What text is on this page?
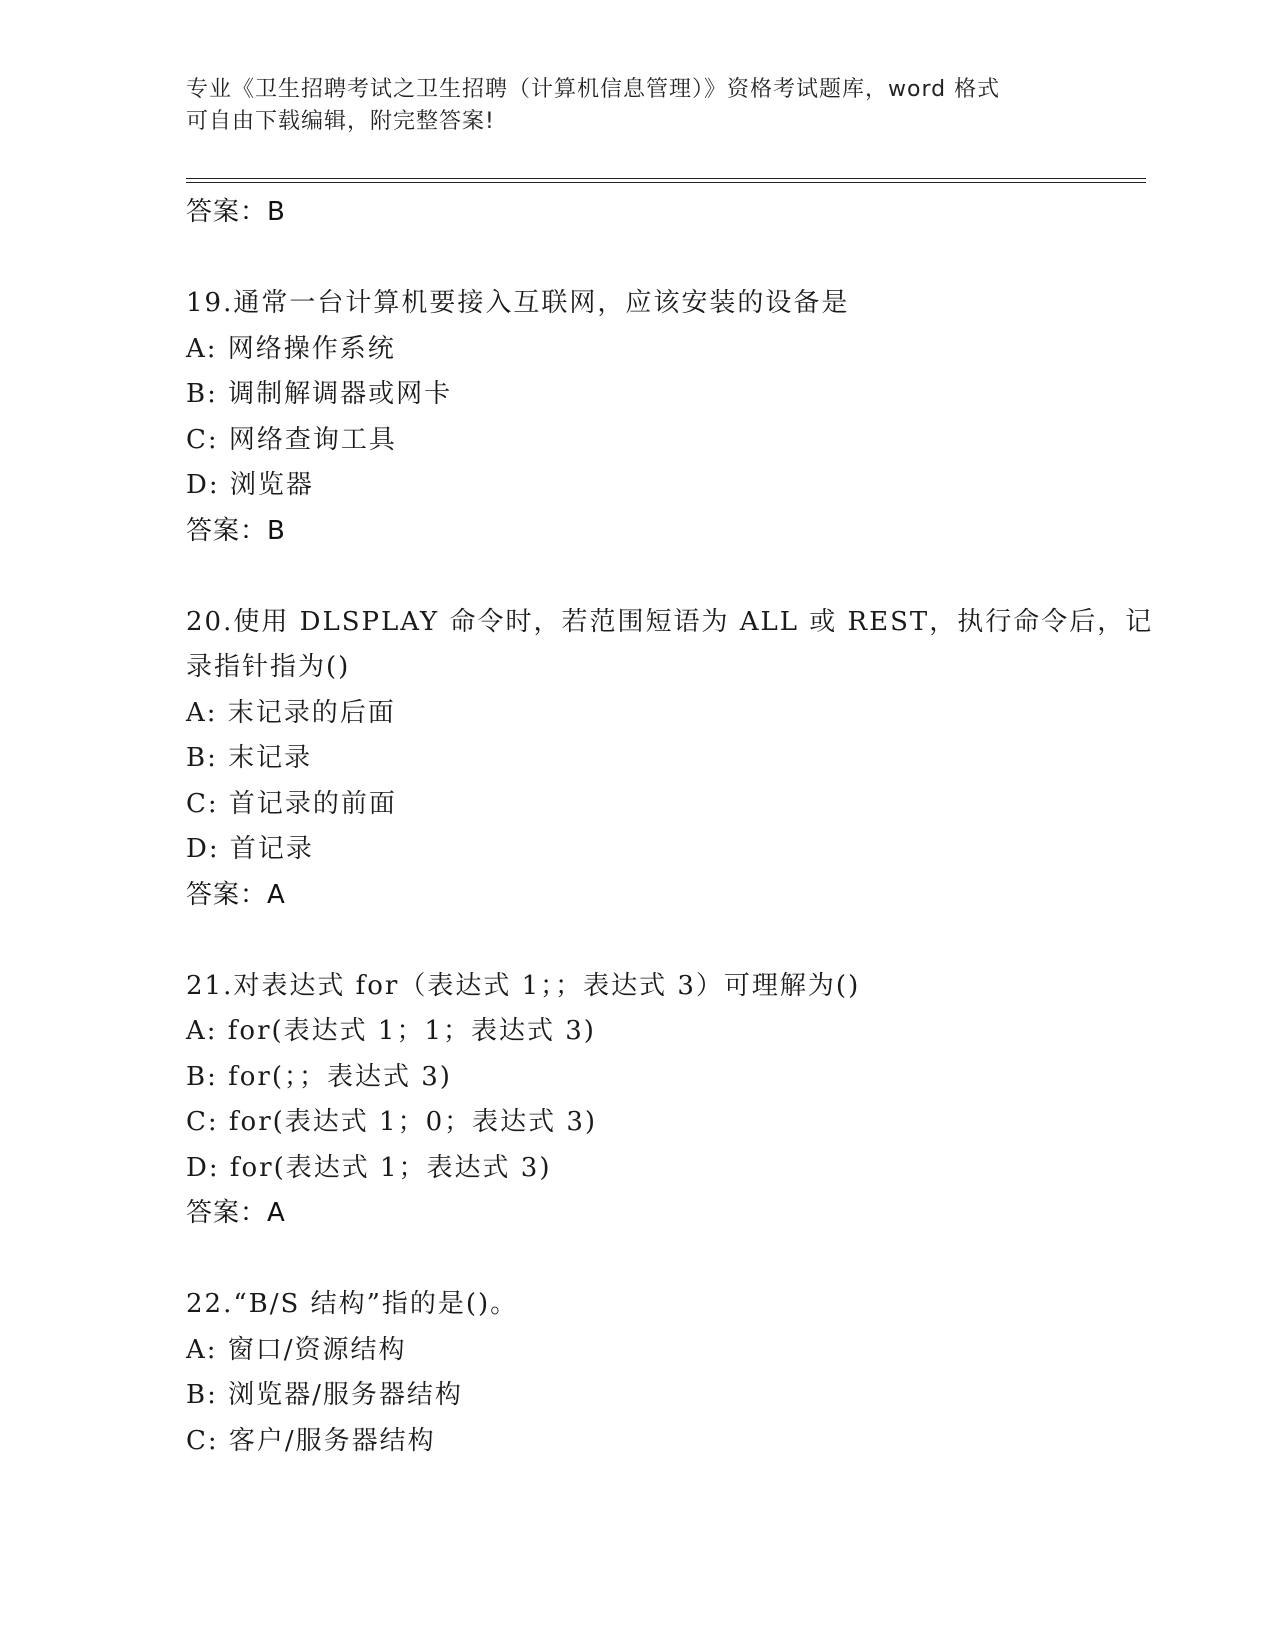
专业《卫生招聘考试之卫生招聘（计算机信息管理）》资格考试题库，word 格式
可自由下载编辑，附完整答案!
答案：B
19.通常一台计算机要接入互联网，应该安装的设备是
A: 网络操作系统
B: 调制解调器或网卡
C: 网络查询工具
D: 浏览器
答案：B
20.使用 DLSPLAY 命令时，若范围短语为 ALL 或 REST，执行命令后，记
录指针指为()
A: 末记录的后面
B: 末记录
C: 首记录的前面
D: 首记录
答案：A
21.对表达式 for（表达式 1；；表达式 3）可理解为()
A: for(表达式 1；1；表达式 3)
B: for(；；表达式 3)
C: for(表达式 1；0；表达式 3)
D: for(表达式 1；表达式 3)
答案：A
22.“B/S 结构”指的是()。
A: 窗口/资源结构
B: 浏览器/服务器结构
C: 客户/服务器结构
